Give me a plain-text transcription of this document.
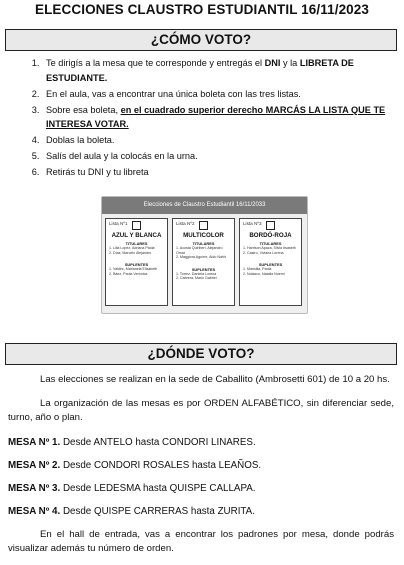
ELECCIONES CLAUSTRO ESTUDIANTIL 16/11/2023
¿CÓMO VOTO?
1. Te dirigís a la mesa que te corresponde y entregás el DNI y la LIBRETA DE ESTUDIANTE.
2. En el aula, vas a encontrar una única boleta con las tres listas.
3. Sobre esa boleta, en el cuadrado superior derecho MARCÁS LA LISTA QUE TE INTERESA VOTAR.
4. Doblas la boleta.
5. Salís del aula y la colocás en la urna.
6. Retirás tu DNI y tu libreta
Elecciones de Claustro Estudiantil 16/11/2033
Lista Nº1
AZUL Y BLANCA
TITULARES
1. Lilia López, Adriana Paola
2. Díaz, Marcelo Alejandro
SUPLENTES
1. Valdéz, Marianela Elizabeth
2. Báez, Paula Verónica
Lista Nº2
MULTICOLOR
TITULARES
1. Acosta Quiribert, Alejandro Omar
2. Maggiora Aguirre, Aldo Nahir
SUPLENTES
1. Torrez, Daniela Lorena
2. Cabrera, Mario Gabriel
Lista Nº3
BORDÓ-ROJA
TITULARES
1. Harrison Apaza, Silvia Itsaseth
2. Castro, Viviana Lorena
SUPLENTES
1. Mansilla, Paola
2. Nolasco, Natalia Noemí
¿DÓNDE VOTO?
Las elecciones se realizan en la sede de Caballito (Ambrosetti 601) de 10 a 20 hs.
La organización de las mesas es por ORDEN ALFABÉTICO, sin diferenciar sede, turno, año o plan.
MESA Nº 1. Desde ANTELO hasta CONDORI LINARES.
MESA Nº 2. Desde CONDORI ROSALES hasta LEAÑOS.
MESA Nº 3. Desde LEDESMA hasta QUISPE CALLAPA.
MESA Nº 4. Desde QUISPE CARRERAS hasta ZURITA.
En el hall de entrada, vas a encontrar los padrones por mesa, donde podrás visualizar además tu número de orden.
